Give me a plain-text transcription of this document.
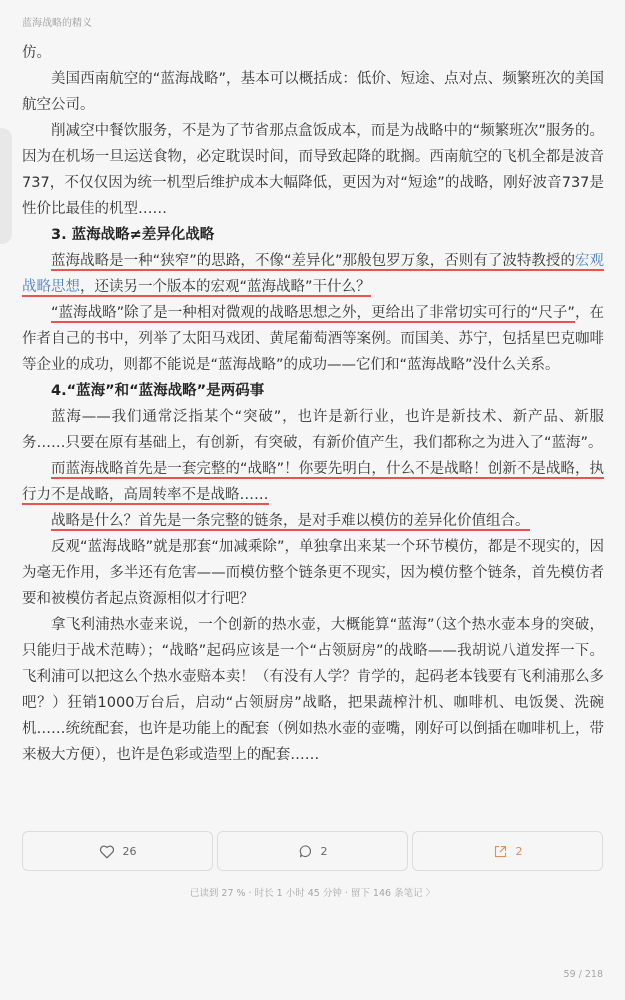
蓝海战略的精义

仿。

美国西南航空的“蓝海战略”，基本可以概括成：低价、短途、点对点、频繁班次的美国航空公司。

削减空中餐饮服务，不是为了节省那点盒饭成本，而是为战略中的“频繁班次”服务的。因为在机场一旦运送食物，必定耽误时间，而导致起降的耽搁。西南航空的飞机全都是波音737，不仅仅因为统一机型后维护成本大幅降低，更因为对“短途”的战略，刚好波音737是性价比最佳的机型……

3. 蓝海战略≠差异化战略

蓝海战略是一种“狭窄”的思路，不像“差异化”那般包罗万象，否则有了波特教授的宏观战略思想，还读另一个版本的宏观“蓝海战略”干什么？

“蓝海战略”除了是一种相对微观的战略思想之外，更给出了非常切实可行的“尺子”，在作者自己的书中，列举了太阳马戏团、黄尾葡萄酒等案例。而国美、苏宁，包括星巴克咖啡等企业的成功，则都不能说是“蓝海战略”的成功——它们和“蓝海战略”没什么关系。

4.“蓝海”和“蓝海战略”是两码事

蓝海——我们通常泛指某个“突破”，也许是新行业，也许是新技术、新产品、新服务……只要在原有基础上，有创新，有突破，有新价值产生，我们都称之为进入了“蓝海”。

而蓝海战略首先是一套完整的“战略”！你要先明白，什么不是战略！创新不是战略，执行力不是战略，高周转率不是战略……

战略是什么？首先是一条完整的链条，是对手难以模仿的差异化价值组合。

反观“蓝海战略”就是那套“加减乘除”，单独拿出来某一个环节模仿，都是不现实的，因为毫无作用，多半还有危害——而模仿整个链条更不现实，因为模仿整个链条，首先模仿者要和被模仿者起点资源相似才行吧？

拿飞利浦热水壶来说，一个创新的热水壶，大概能算“蓝海”（这个热水壶本身的突破，只能归于战术范畴）；“战略”起码应该是一个“占领厨房”的战略——我胡说八道发挥一下。飞利浦可以把这么个热水壶赔本卖！（有没有人学？肯学的，起码老本钱要有飞利浦那么多吧？）狂销1000万台后，启动“占领厨房”战略，把果蔬榨汁机、咖啡机、电饭煲、洗碗机……统统配套，也许是功能上的配套（例如热水壶的壶嘴，刚好可以倒插在咖啡机上，带来极大方便），也许是色彩或造型上的配套……

26	2	2
已读到 27 % · 时长 1 小时 45 分钟 · 留下 146 条笔记 〉
59 / 218
